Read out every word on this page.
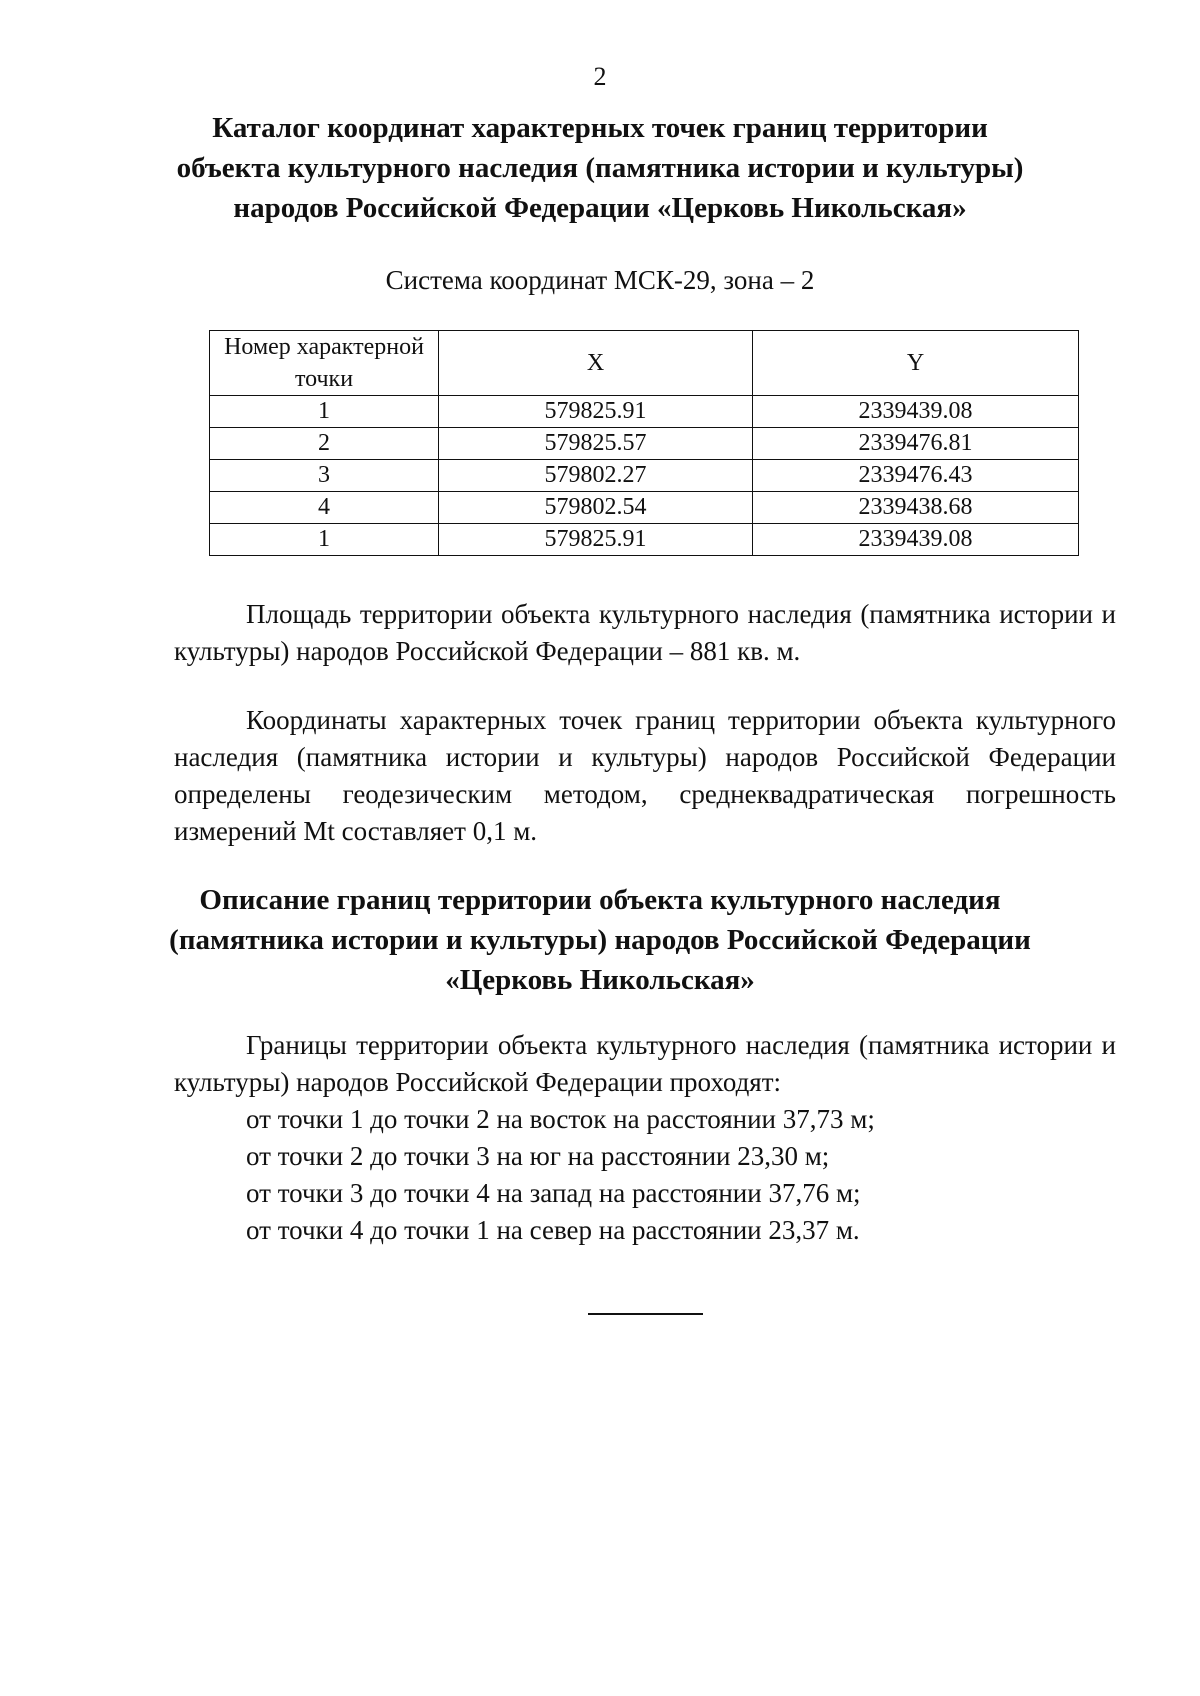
2
Каталог координат характерных точек границ территории
объекта культурного наследия (памятника истории и культуры)
народов Российской Федерации «Церковь Никольская»
Система координат МСК-29, зона – 2
Номер характерной точки	X	Y
1	579825.91	2339439.08
2	579825.57	2339476.81
3	579802.27	2339476.43
4	579802.54	2339438.68
1	579825.91	2339439.08
Площадь территории объекта культурного наследия (памятника истории и культуры) народов Российской Федерации – 881 кв. м.
Координаты характерных точек границ территории объекта культурного наследия (памятника истории и культуры) народов Российской Федерации определены геодезическим методом, среднеквадратическая погрешность измерений Mt составляет 0,1 м.
Описание границ территории объекта культурного наследия
(памятника истории и культуры) народов Российской Федерации
«Церковь Никольская»
Границы территории объекта культурного наследия (памятника истории и культуры) народов Российской Федерации проходят:
от точки 1 до точки 2 на восток на расстоянии 37,73 м;
от точки 2 до точки 3 на юг на расстоянии 23,30 м;
от точки 3 до точки 4 на запад на расстоянии 37,76 м;
от точки 4 до точки 1 на север на расстоянии 23,37 м.
